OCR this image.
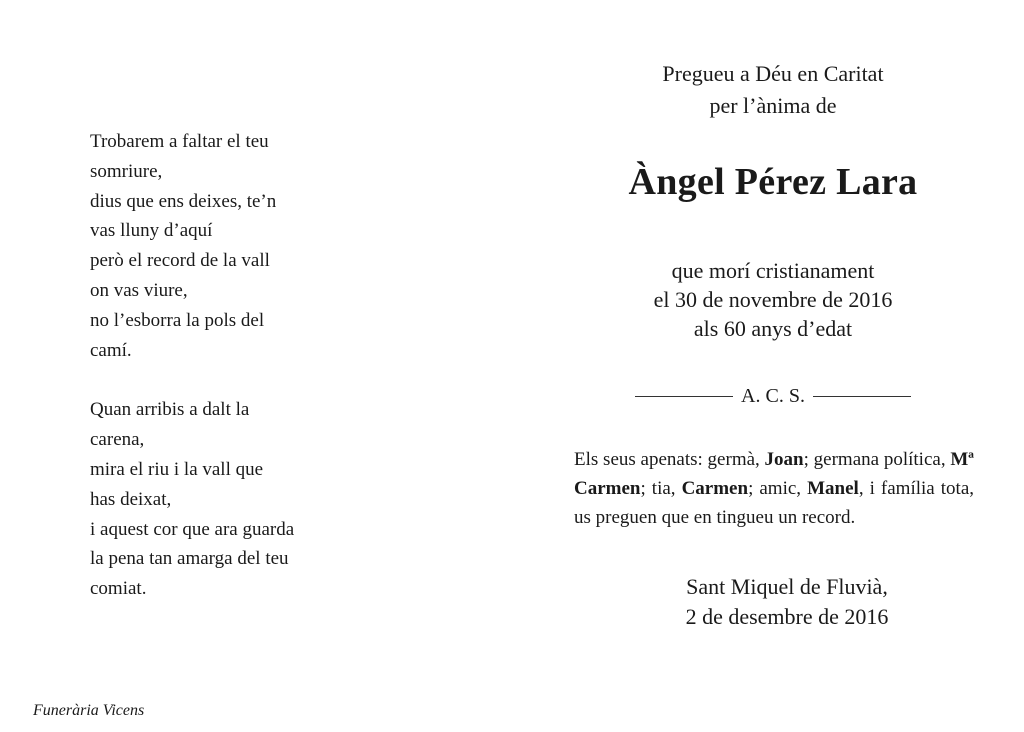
Trobarem a faltar el teu
somriure,
dius que ens deixes, te’n
vas lluny d’aquí
però el record de la vall
on vas viure,
no l’esborra la pols del
camí.
Quan arribis a dalt la
carena,
mira el riu i la vall que
has deixat,
i aquest cor que ara guarda
la pena tan amarga del teu
comiat.
Pregueu a Déu en Caritat
per l’ànima de
Àngel Pérez Lara
que morí cristianament
el 30 de novembre de 2016
als 60 anys d’edat
A. C. S.
Els seus apenats: germà, Joan; germana política, Mª Carmen; tia, Carmen; amic, Manel, i família tota, us preguen que en tingueu un record.
Sant Miquel de Fluvià,
2 de desembre de 2016
Funerària Vicens
